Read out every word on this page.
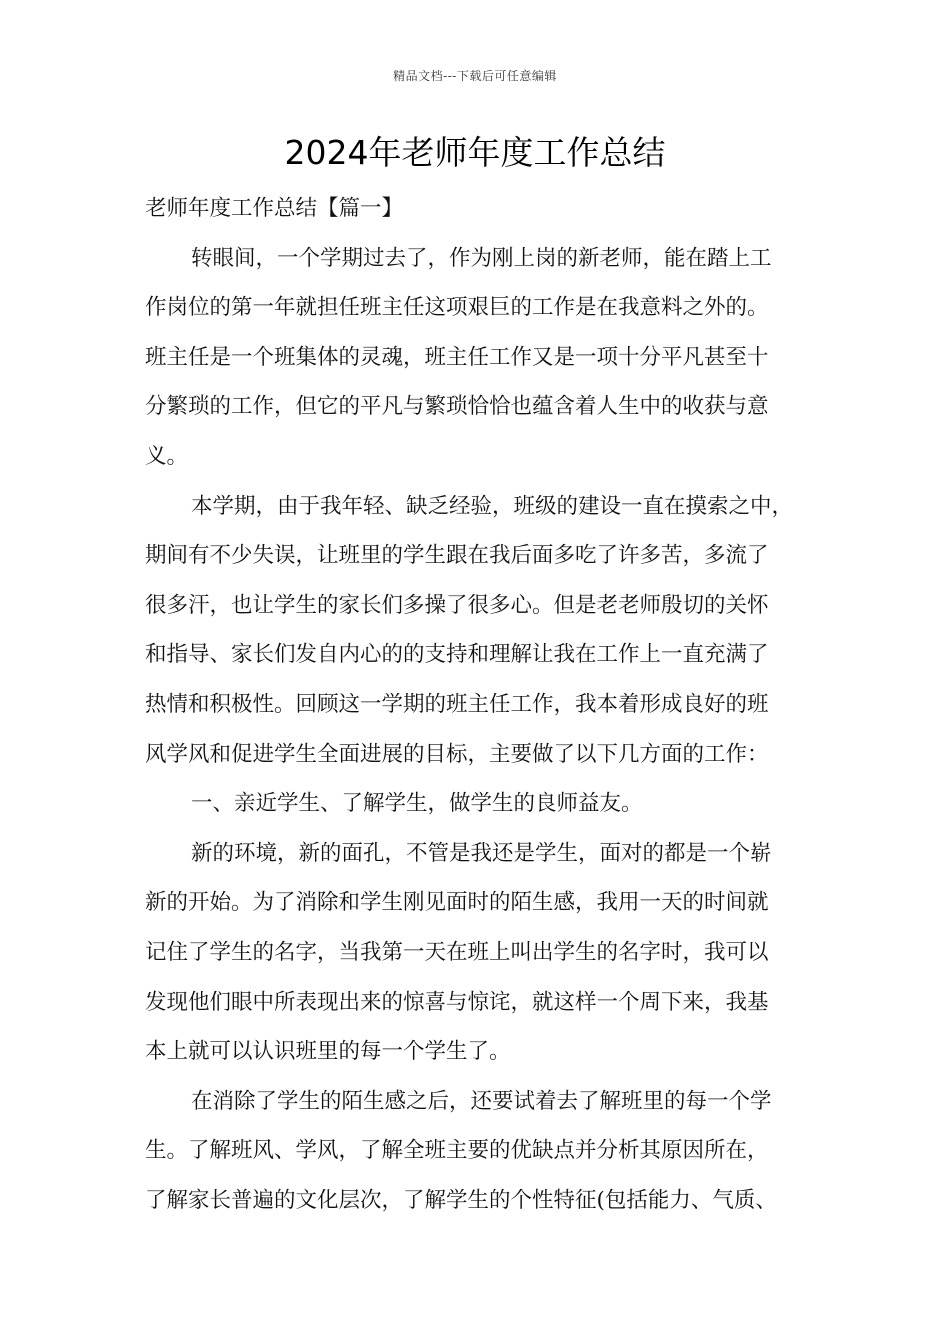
精品文档---下载后可任意编辑
2024年老师年度工作总结
老师年度工作总结【篇一】
转眼间，一个学期过去了，作为刚上岗的新老师，能在踏上工
作岗位的第一年就担任班主任这项艰巨的工作是在我意料之外的。
班主任是一个班集体的灵魂，班主任工作又是一项十分平凡甚至十
分繁琐的工作，但它的平凡与繁琐恰恰也蕴含着人生中的收获与意
义。
本学期，由于我年轻、缺乏经验，班级的建设一直在摸索之中，
期间有不少失误，让班里的学生跟在我后面多吃了许多苦，多流了
很多汗，也让学生的家长们多操了很多心。但是老老师殷切的关怀
和指导、家长们发自内心的的支持和理解让我在工作上一直充满了
热情和积极性。回顾这一学期的班主任工作，我本着形成良好的班
风学风和促进学生全面进展的目标，主要做了以下几方面的工作：
一、亲近学生、了解学生，做学生的良师益友。
新的环境，新的面孔，不管是我还是学生，面对的都是一个崭
新的开始。为了消除和学生刚见面时的陌生感，我用一天的时间就
记住了学生的名字，当我第一天在班上叫出学生的名字时，我可以
发现他们眼中所表现出来的惊喜与惊诧，就这样一个周下来，我基
本上就可以认识班里的每一个学生了。
在消除了学生的陌生感之后，还要试着去了解班里的每一个学
生。了解班风、学风，了解全班主要的优缺点并分析其原因所在，
了解家长普遍的文化层次，了解学生的个性特征(包括能力、气质、
